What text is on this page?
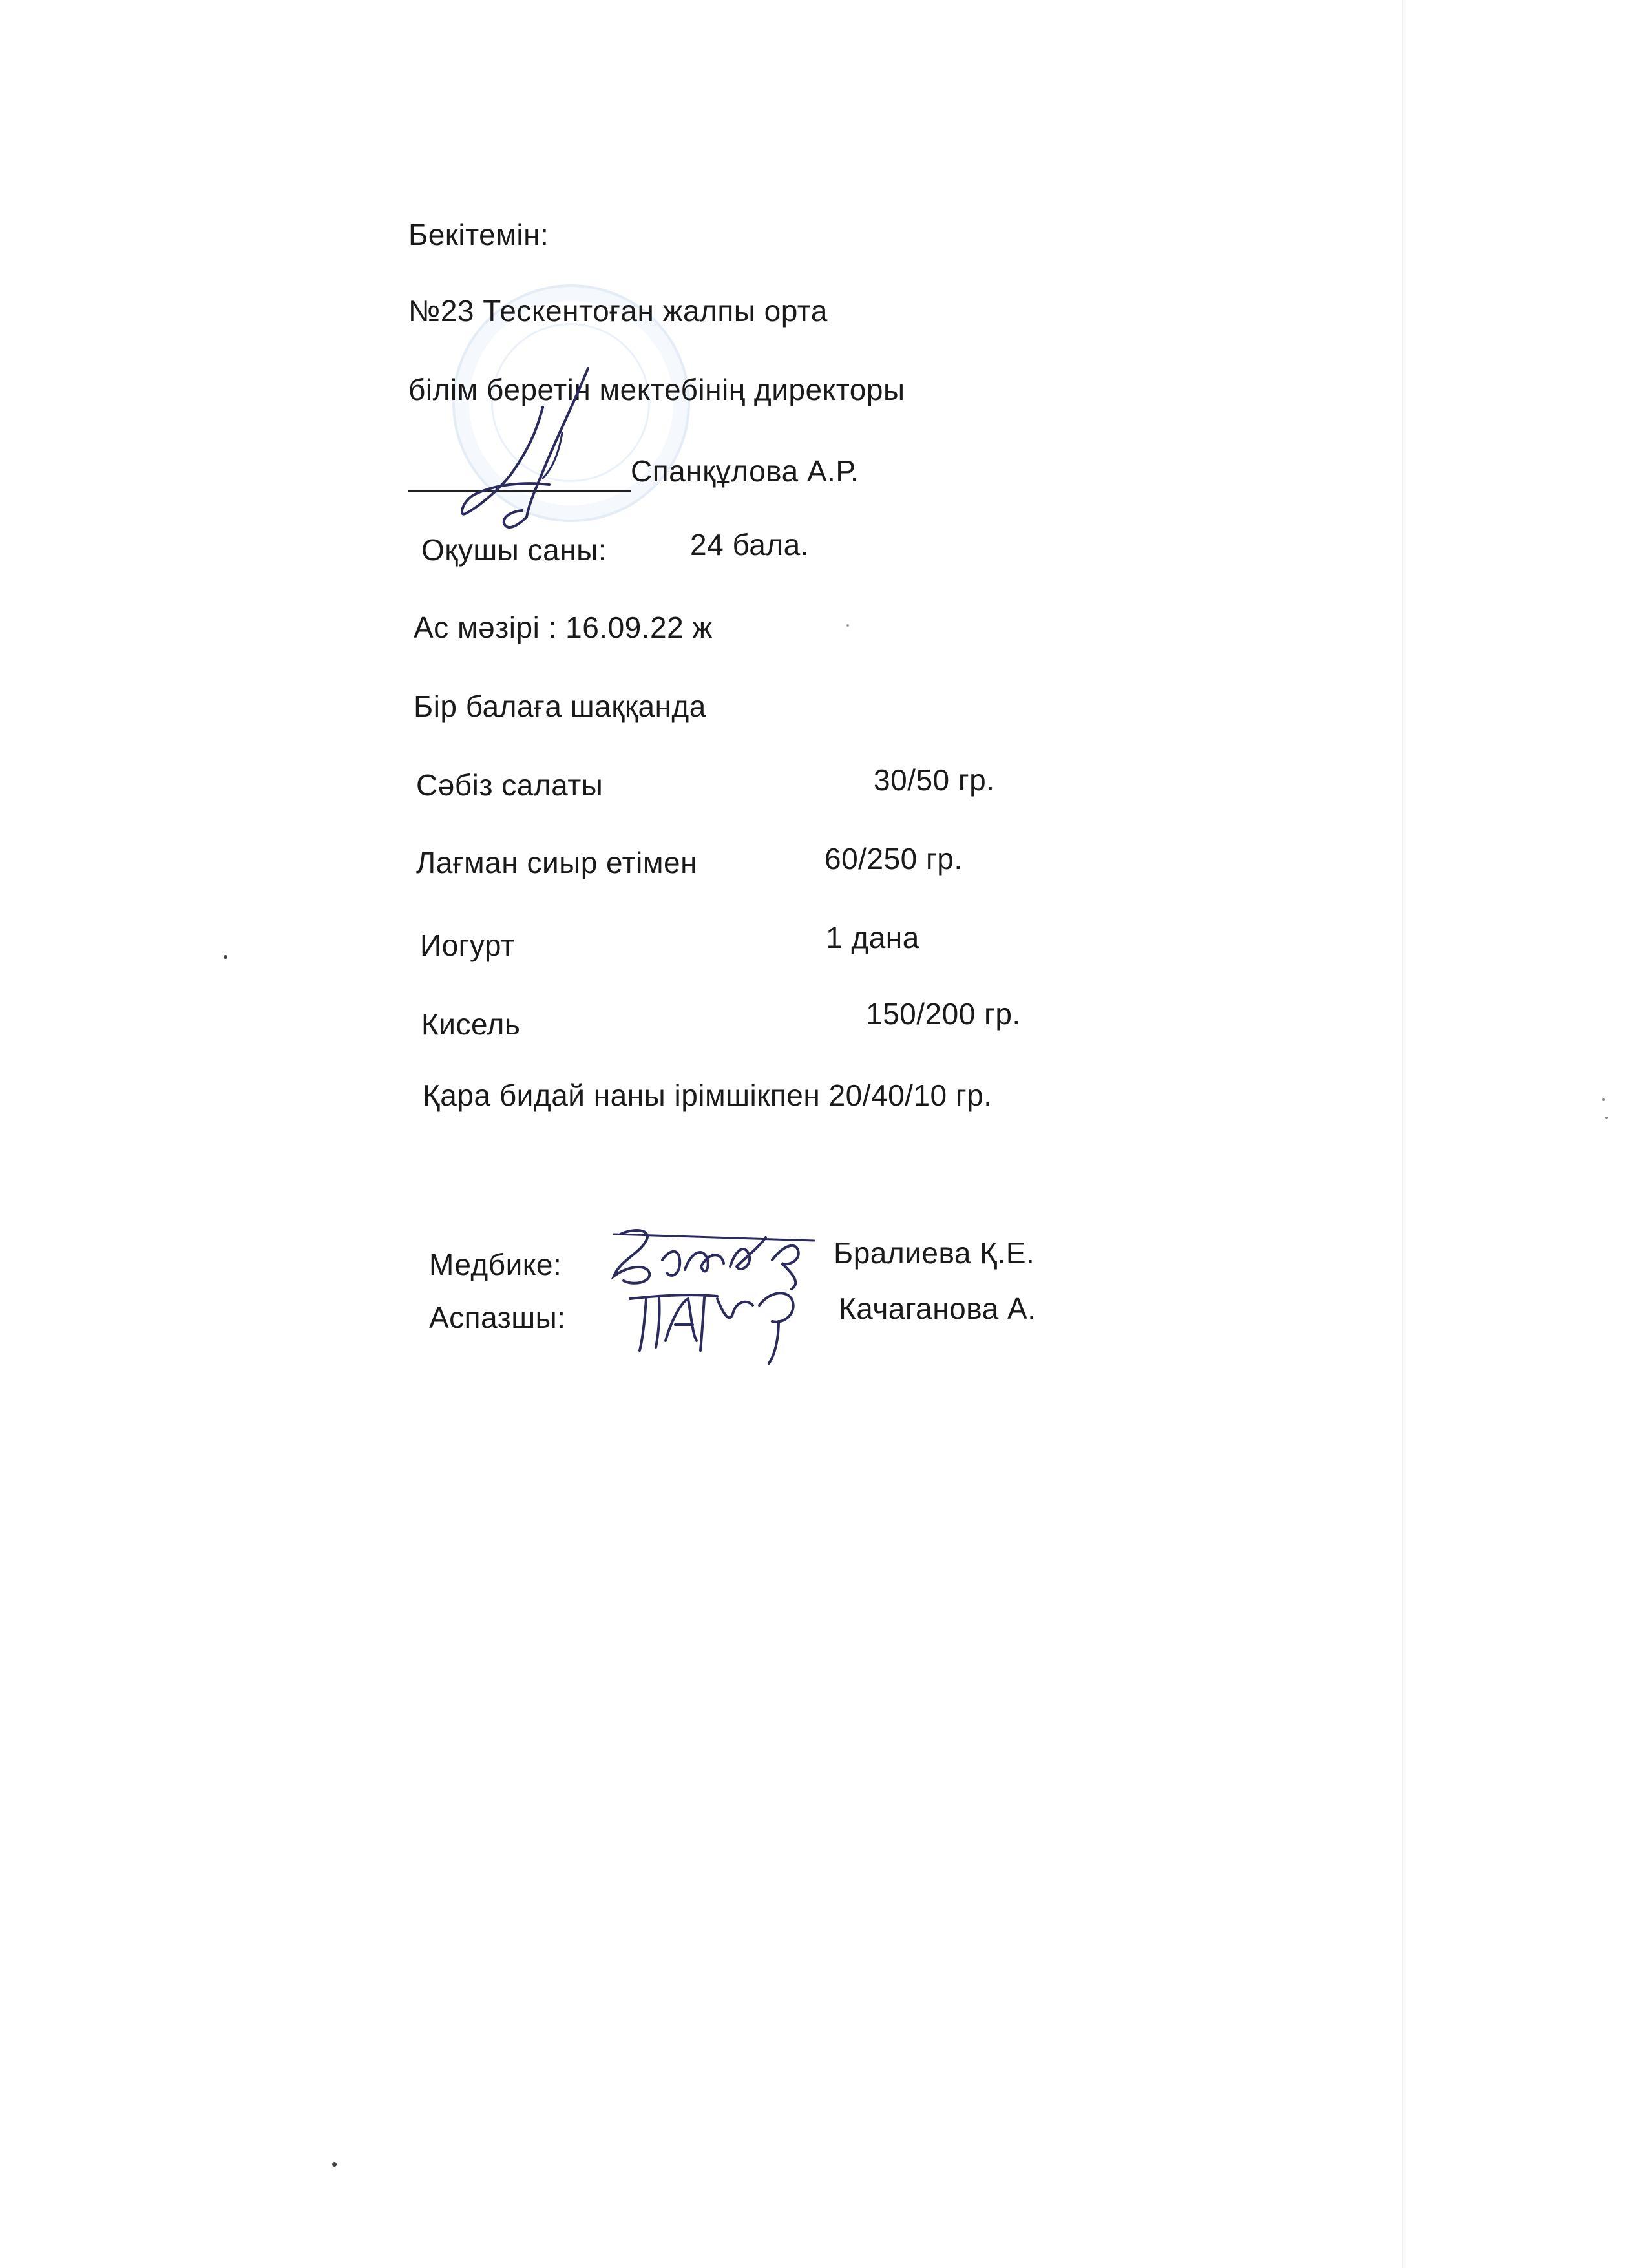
Бекітемін:
№23 Тескентоған жалпы орта
білім беретін мектебінің директоры
Спанқұлова А.Р.
Оқушы саны:	24 бала.
Ас мәзірі : 16.09.22 ж
Бір балаға шаққанда
Сәбіз салаты	30/50 гр.
Лағман сиыр етімен	60/250 гр.
Иогурт	1 дана
Кисель	150/200 гр.
Қара бидай наны ірімшікпен 20/40/10 гр.
Медбике:	Бралиева Қ.Е.
Аспазшы:	Качаганова А.
